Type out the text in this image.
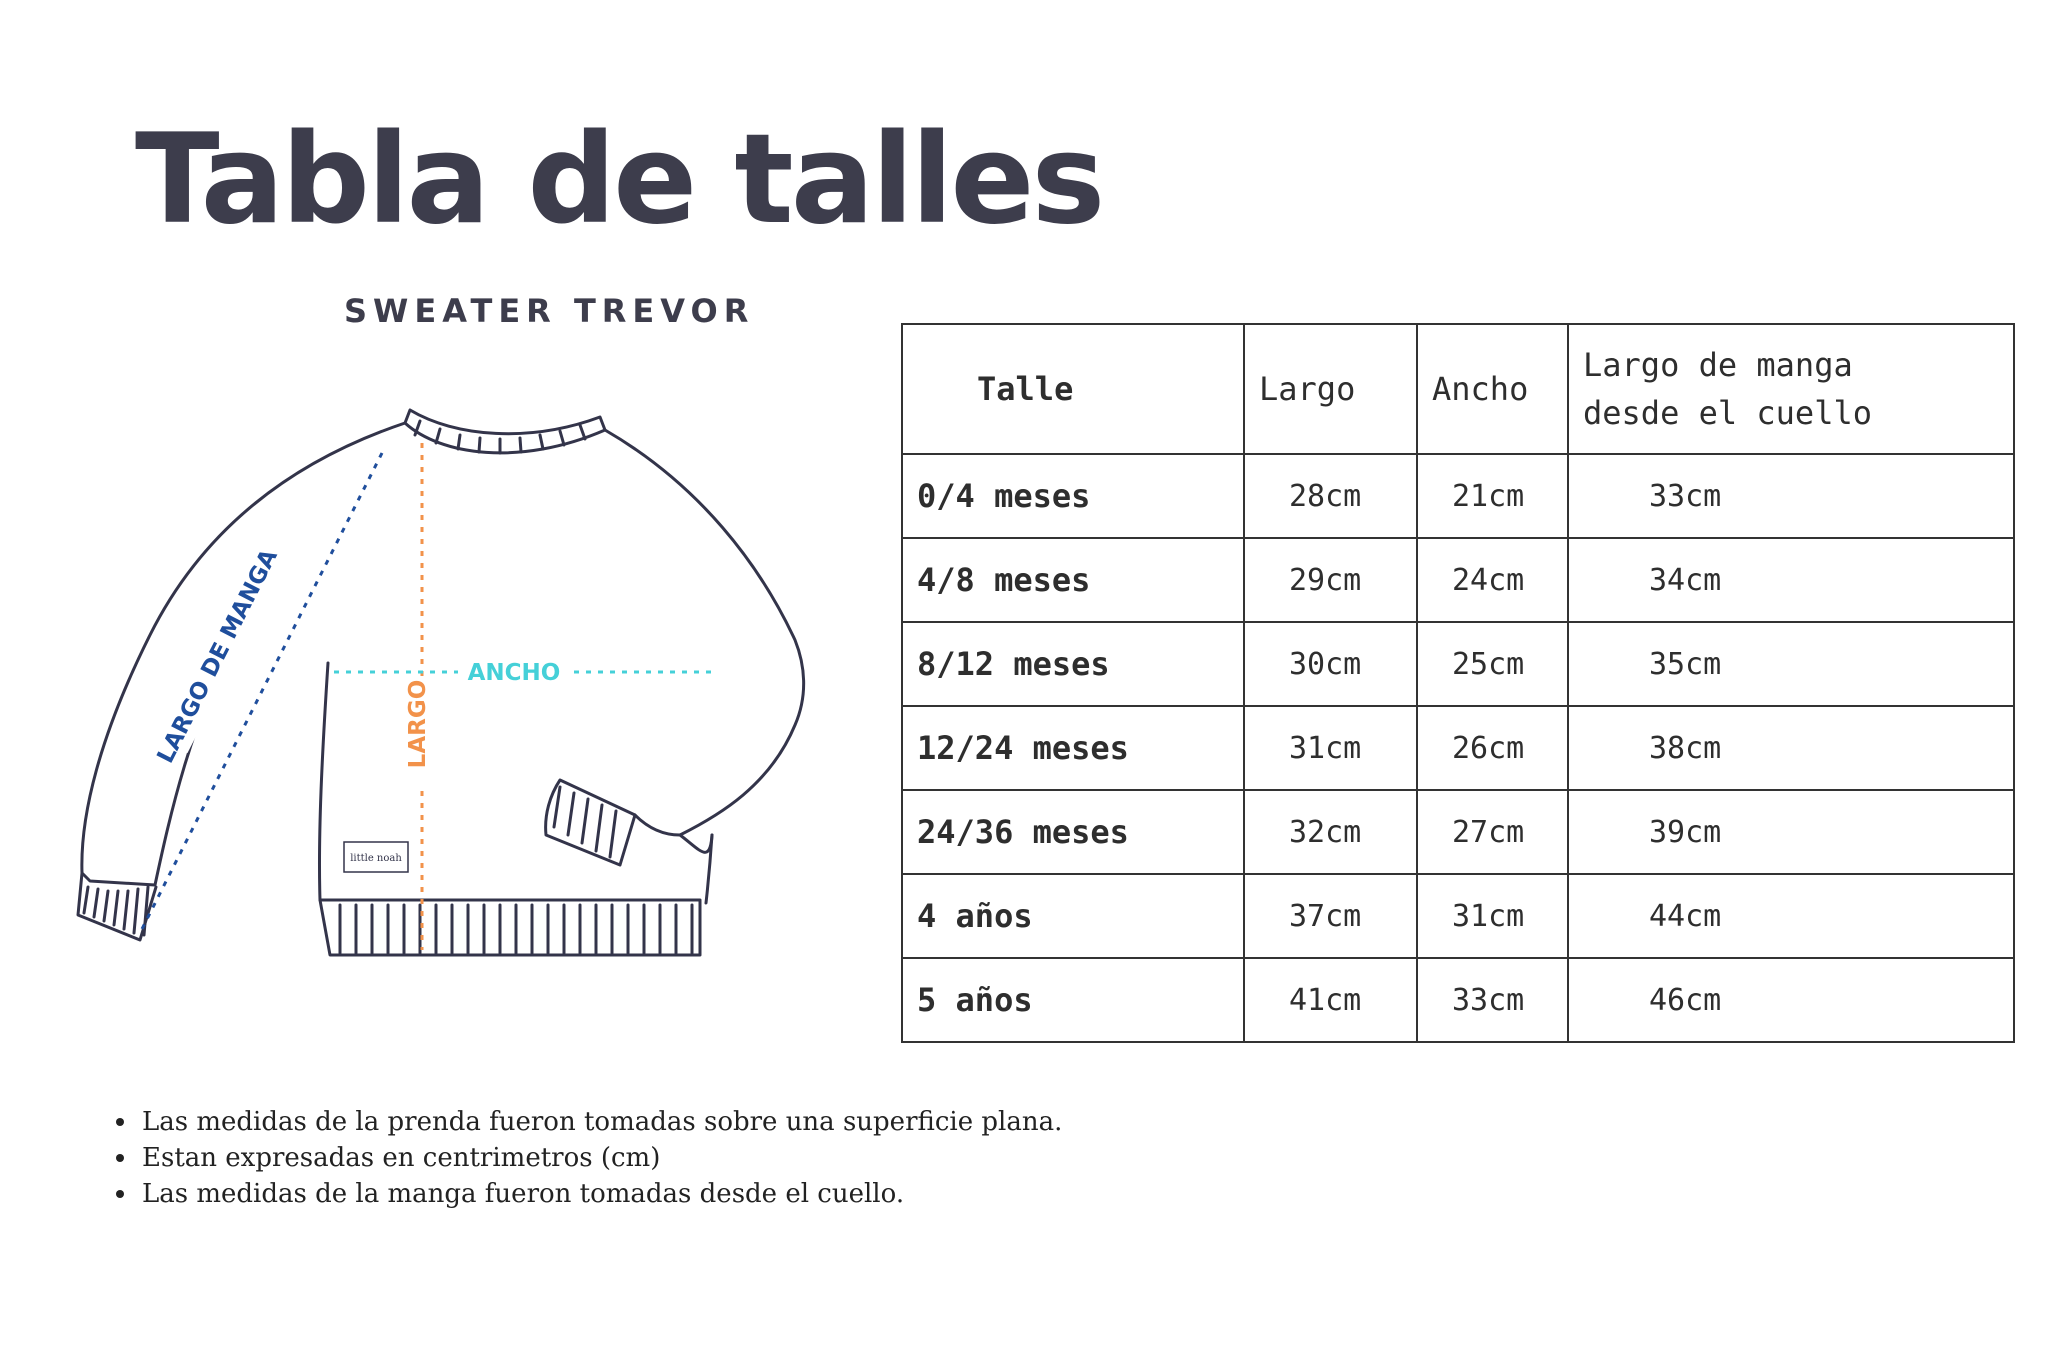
Tabla de talles
SWEATER TREVOR
little noah
LARGO DE MANGA	LARGO
ANCHO
Talle	Largo	Ancho	Largo de manga
desde el cuello
0/4 meses	28cm	21cm	33cm
4/8 meses	29cm	24cm	34cm
8/12 meses	30cm	25cm	35cm
12/24 meses	31cm	26cm	38cm
24/36 meses	32cm	27cm	39cm
4 años	37cm	31cm	44cm
5 años	41cm	33cm	46cm
Las medidas de la prenda fueron tomadas sobre una superficie plana.
Estan expresadas en centrimetros (cm)
Las medidas de la manga fueron tomadas desde el cuello.
